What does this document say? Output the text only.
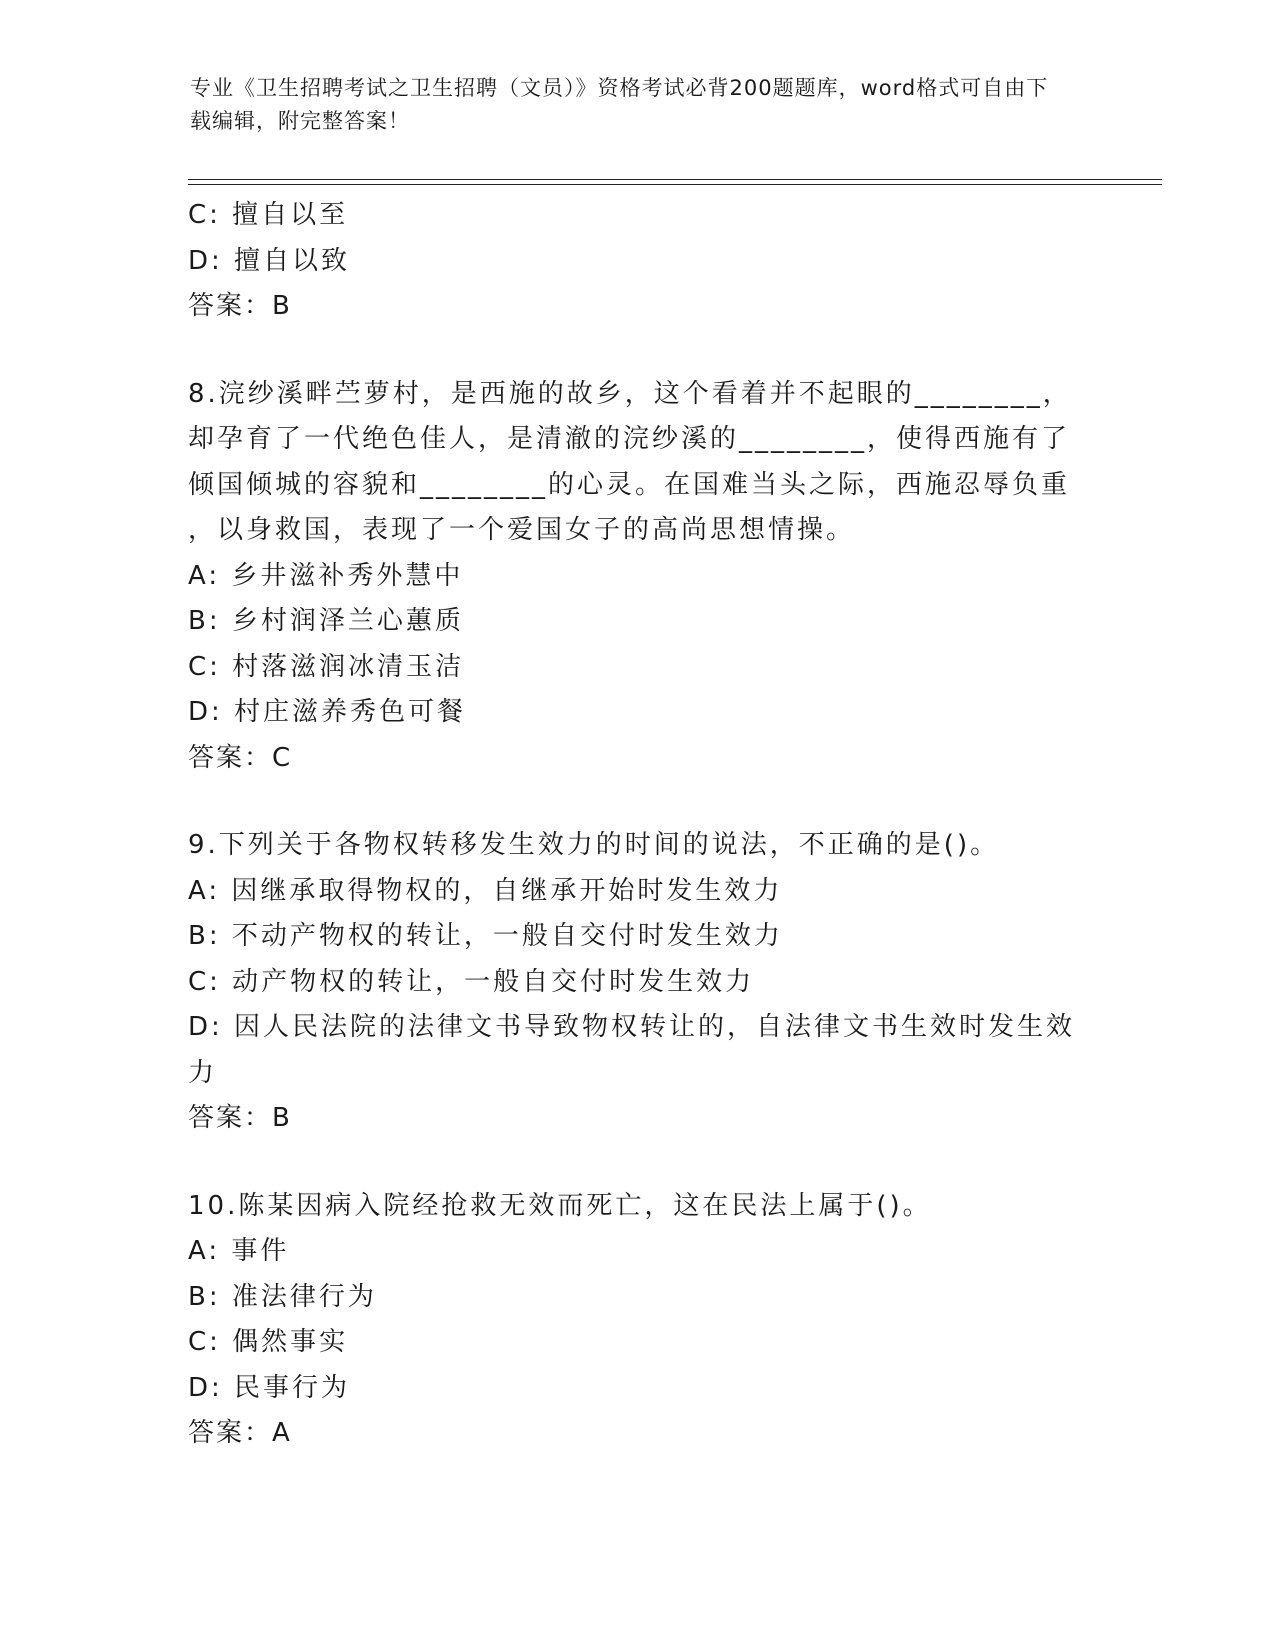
专业《卫生招聘考试之卫生招聘（文员）》资格考试必背200题题库，word格式可自由下载编辑，附完整答案！

C: 擅自以至

D: 擅自以致

答案：B

8.浣纱溪畔苎萝村，是西施的故乡，这个看着并不起眼的________，

却孕育了一代绝色佳人，是清澈的浣纱溪的________，使得西施有了

倾国倾城的容貌和________的心灵。在国难当头之际，西施忍辱负重

，以身救国，表现了一个爱国女子的高尚思想情操。

A: 乡井滋补秀外慧中

B: 乡村润泽兰心蕙质

C: 村落滋润冰清玉洁

D: 村庄滋养秀色可餐

答案：C

9.下列关于各物权转移发生效力的时间的说法，不正确的是()。

A: 因继承取得物权的，自继承开始时发生效力

B: 不动产物权的转让，一般自交付时发生效力

C: 动产物权的转让，一般自交付时发生效力

D: 因人民法院的法律文书导致物权转让的，自法律文书生效时发生效力

答案：B

10.陈某因病入院经抢救无效而死亡，这在民法上属于()。

A: 事件

B: 准法律行为

C: 偶然事实

D: 民事行为

答案：A
